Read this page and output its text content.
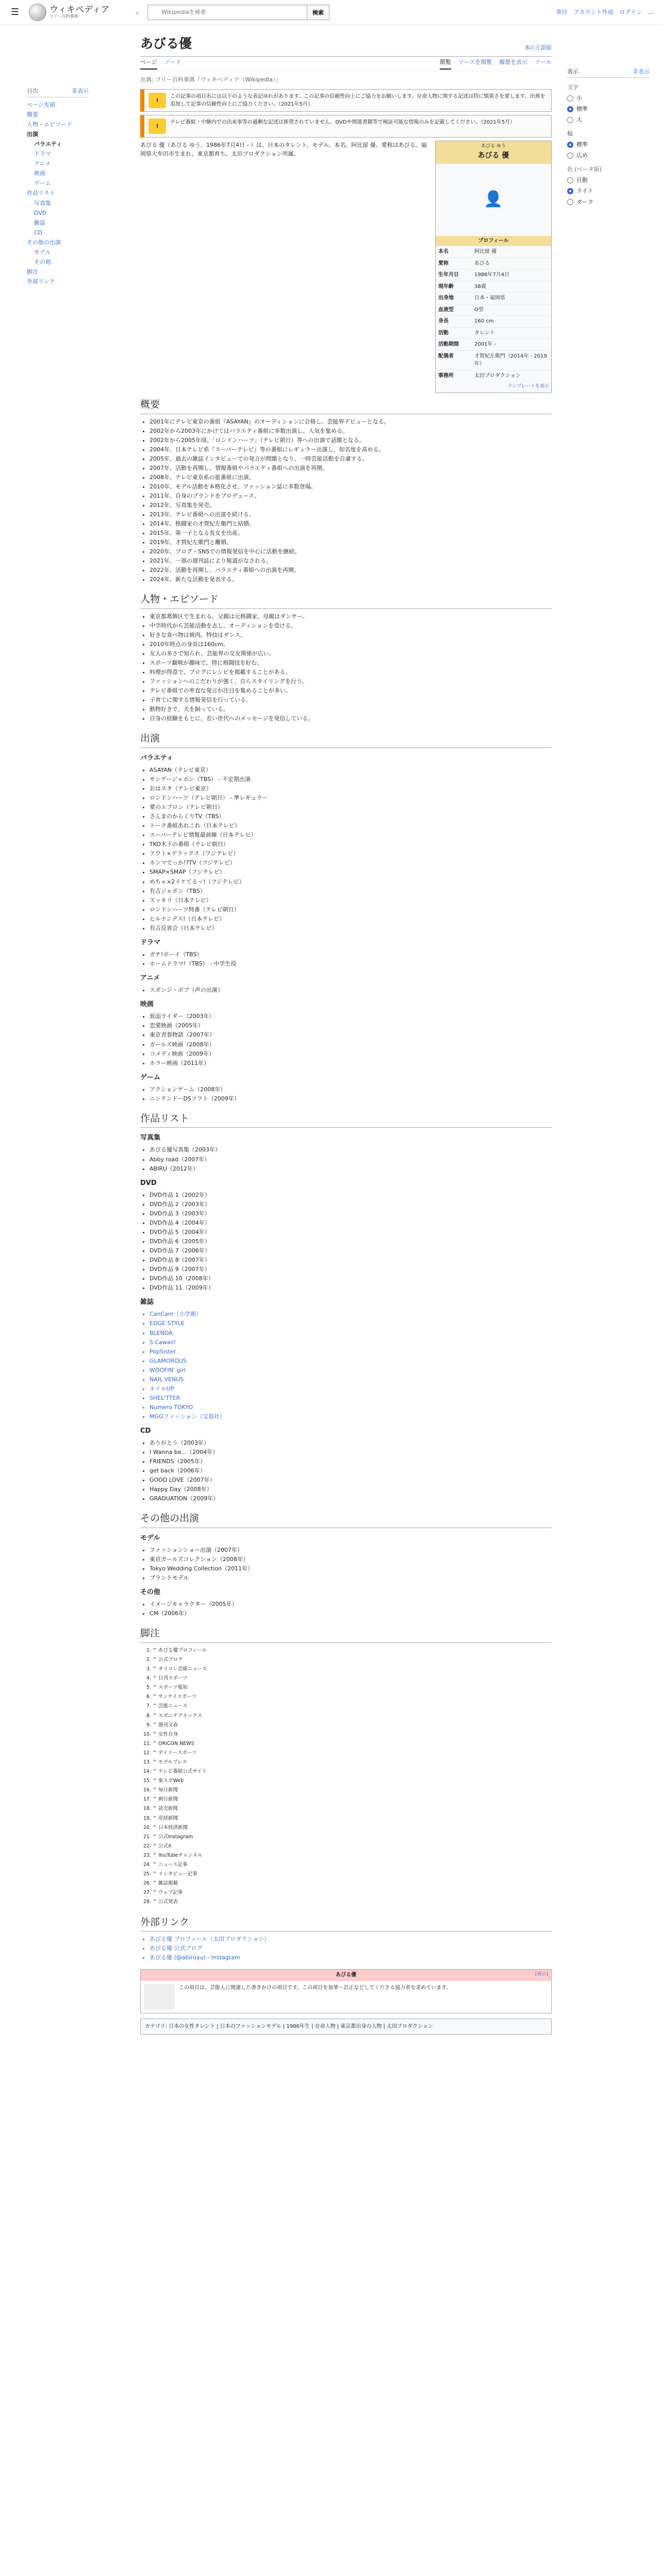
☰	ウィキペディア
フリー百科事典	⌕
Wikipediaを検索	検索	寄付 アカウント作成 ログイン …
目次	非表示
ページ先頭
概要
人物・エピソード
出演
バラエティ
ドラマ
アニメ
映画
ゲーム
作品リスト
写真集
DVD
雑誌
CD
その他の出演
モデル
その他
脚注
外部リンク
表示	非表示
文字
小
標準
大
幅
標準
広め
色 (ベータ版)
自動
ライト
ダーク
あびる優	8の言語版
ページ ノート	閲覧 ソースを閲覧 履歴を表示 ツール
出典: フリー百科事典『ウィキペディア（Wikipedia）』
!
この記事の項目名には以下のような表記ゆれがあります。この記事の信頼性向上にご協力をお願いします。存命人物に関する記述は特に慎重さを要します。出典を追加して記事の信頼性向上にご協力ください。（2021年5月）
!
テレビ番組・中継内での出来事等の過剰な記述は推奨されていません。DVDや関連書籍等で検証可能な情報のみを記載してください。（2021年5月）
あびる ゆう
あびる 優
👤
プロフィール
本名	阿比留 優
愛称	あびる
生年月日	1986年7月4日
現年齢	38歳
出身地	日本・福岡県
血液型	O型
身長	160 cm
活動	タレント
活動期間	2001年 -
配偶者	才賀紀左衛門（2014年 - 2019年）
事務所	太田プロダクション
テンプレートを表示

あびる 優（あびる ゆう、1986年7月4日 - ）は、日本のタレント、モデル。本名、阿比留 優。愛称はあびる。福岡県大牟田市生まれ、東京都育ち。太田プロダクション所属。

概要
• 2001年にテレビ東京の番組『ASAYAN』のオーディションに合格し、芸能界デビューとなる。
• 2002年から2003年にかけてはバラエティ番組に多数出演し、人気を集める。
• 2002年から2005年頃、「ロンドンハーツ」（テレビ朝日）等への出演で話題となる。
• 2004年、日本テレビ系『スーパーテレビ』等の番組にレギュラー出演し、知名度を高める。
• 2005年、過去の雑誌インタビューでの発言が問題となり、一時芸能活動を自粛する。
• 2007年、活動を再開し、情報番組やバラエティ番組への出演を再開。
• 2008年、テレビ東京系の旅番組に出演。
• 2010年、モデル活動を本格化させ、ファッション誌に多数登場。
• 2011年、自身のブランドをプロデュース。
• 2012年、写真集を発売。
• 2013年、テレビ番組への出演を続ける。
• 2014年、格闘家の才賀紀左衛門と結婚。
• 2015年、第一子となる長女を出産。
• 2019年、才賀紀左衛門と離婚。
• 2020年、ブログ・SNSでの情報発信を中心に活動を継続。
• 2021年、一部の週刊誌により報道がなされる。
• 2022年、活動を再開し、バラエティ番組への出演を再開。
• 2024年、新たな活動を発表する。
人物・エピソード
• 東京都葛飾区で生まれる。父親は元格闘家、母親はダンサー。
• 中学時代から芸能活動を志し、オーディションを受ける。
• 好きな食べ物は焼肉。特技はダンス。
• 2010年時点の身長は160cm。
• 友人の多さで知られ、芸能界の交友関係が広い。
• スポーツ観戦が趣味で、特に格闘技を好む。
• 料理が得意で、ブログにレシピを掲載することがある。
• ファッションへのこだわりが強く、自らスタイリングを行う。
• テレビ番組での率直な発言が注目を集めることが多い。
• 子育てに関する情報発信を行っている。
• 動物好きで、犬を飼っている。
• 自身の経験をもとに、若い世代へのメッセージを発信している。
出演
バラエティ
• ASAYAN（テレビ東京）
• サンデージャポン（TBS） - 不定期出演
• おはスタ（テレビ東京）
• ロンドンハーツ（テレビ朝日） - 準レギュラー
• 愛のエプロン（テレビ朝日）
• さんまのからくりTV（TBS）
• トーク番組あれこれ（日本テレビ）
• スーパーテレビ情報最前線（日本テレビ）
• TKO木下の番組（テレビ朝日）
• アウト×デラックス（フジテレビ）
• ホンマでっか!?TV（フジテレビ）
• SMAP×SMAP（フジテレビ）
• めちゃ×2イケてるッ!（フジテレビ）
• 有吉ジャポン（TBS）
• スッキリ（日本テレビ）
• ロンドンハーツ特番（テレビ朝日）
• ヒルナンデス!（日本テレビ）
• 有吉反省会（日本テレビ）
ドラマ
• ガチ!ボーイ（TBS）
• ホームドラマ!（TBS） - 中学生役
アニメ
• スポンジ・ボブ（声の出演）
映画
• 仮面ライダー（2003年）
• 恋愛映画（2005年）
• 東京青春物語（2007年）
• ガールズ映画（2008年）
• コメディ映画（2009年）
• ホラー映画（2011年）
ゲーム
• アクションゲーム（2008年）
• ニンテンドーDSソフト（2009年）
作品リスト
写真集
• あびる優写真集（2003年）
• Abby road（2007年）
• ABIRU（2012年）
DVD
• DVD作品 1（2002年）
• DVD作品 2（2003年）
• DVD作品 3（2003年）
• DVD作品 4（2004年）
• DVD作品 5（2004年）
• DVD作品 6（2005年）
• DVD作品 7（2006年）
• DVD作品 8（2007年）
• DVD作品 9（2007年）
• DVD作品 10（2008年）
• DVD作品 11（2009年）
雑誌
• CanCam（小学館）
• EDGE STYLE
• BLENDA
• S Cawaii!
• PopSister
• GLAMOROUS
• WOOFIN' girl
• NAIL VENUS
• ネイルUP
• SHEL'TTER
• Numero TOKYO
• MGOファッション（宝島社）
CD
• ありがとう（2003年）
• I Wanna be...（2004年）
• FRIENDS（2005年）
• get back（2006年）
• GOOD LOVE（2007年）
• Happy Day（2008年）
• GRADUATION（2009年）
その他の出演
モデル
• ファッションショー出演（2007年）
• 東京ガールズコレクション（2008年）
• Tokyo Wedding Collection（2011年）
• ブランドモデル
その他
• イメージキャラクター（2005年）
• CM（2006年）
脚注
1. ^ あびる優プロフィール
2. ^ 公式ブログ
3. ^ オリコン芸能ニュース
4. ^ 日刊スポーツ
5. ^ スポーツ報知
6. ^ サンケイスポーツ
7. ^ 芸能ニュース
8. ^ スポニチアネックス
9. ^ 週刊文春
10. ^ 女性自身
11. ^ ORICON NEWS
12. ^ デイリースポーツ
13. ^ モデルプレス
14. ^ テレビ番組公式サイト
15. ^ 東スポWeb
16. ^ 毎日新聞
17. ^ 朝日新聞
18. ^ 読売新聞
19. ^ 産経新聞
20. ^ 日本経済新聞
21. ^ 公式Instagram
22. ^ 公式X
23. ^ YouTubeチャンネル
24. ^ ニュース記事
25. ^ インタビュー記事
26. ^ 雑誌掲載
27. ^ ウェブ記事
28. ^ 公式発表
外部リンク
• あびる優 プロフィール（太田プロダクション）
• あびる優 公式ブログ
• あびる優 (@abiruyu) - Instagram
あびる優	[表示]
この項目は、芸能人に関連した書きかけの項目です。この項目を加筆・訂正などしてくださる協力者を求めています。
カテゴリ: 日本の女性タレント | 日本のファッションモデル | 1986年生 | 存命人物 | 東京都出身の人物 | 太田プロダクション
